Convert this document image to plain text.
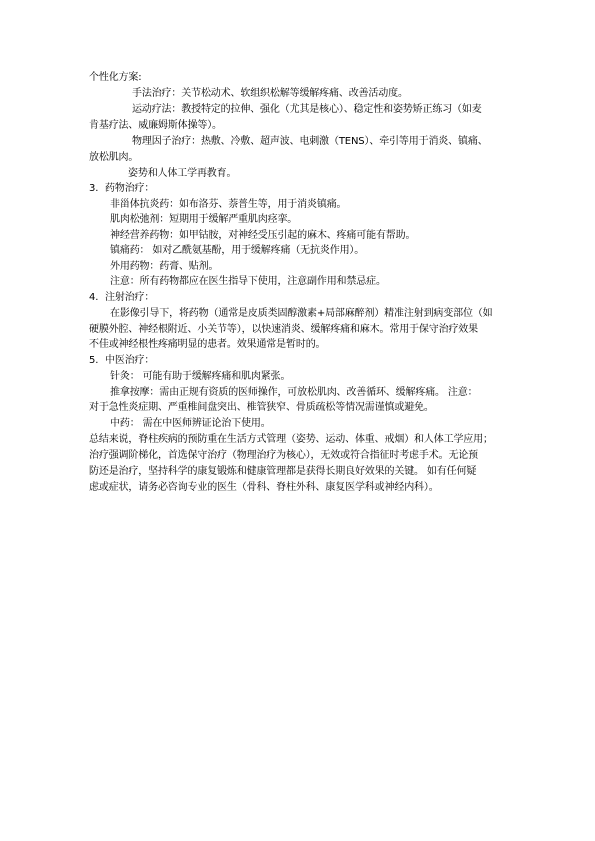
个性化方案:
手法治疗：关节松动术、软组织松解等缓解疼痛、改善活动度。
运动疗法：教授特定的拉伸、强化（尤其是核心）、稳定性和姿势矫正练习（如麦
肯基疗法、威廉姆斯体操等）。
物理因子治疗：热敷、冷敷、超声波、电刺激（TENS）、牵引等用于消炎、镇痛、
放松肌肉。
姿势和人体工学再教育。
3. 药物治疗：
非甾体抗炎药：如布洛芬、萘普生等，用于消炎镇痛。
肌肉松弛剂：短期用于缓解严重肌肉痉挛。
神经营养药物：如甲钴胺，对神经受压引起的麻木、疼痛可能有帮助。
镇痛药： 如对乙酰氨基酚，用于缓解疼痛（无抗炎作用）。
外用药物：药膏、贴剂。
注意：所有药物都应在医生指导下使用，注意副作用和禁忌症。
4. 注射治疗：
在影像引导下，将药物（通常是皮质类固醇激素+局部麻醉剂）精准注射到病变部位（如
硬膜外腔、神经根附近、小关节等），以快速消炎、缓解疼痛和麻木。常用于保守治疗效果
不佳或神经根性疼痛明显的患者。效果通常是暂时的。
5. 中医治疗：
针灸： 可能有助于缓解疼痛和肌肉紧张。
推拿按摩：需由正规有资质的医师操作，可放松肌肉、改善循环、缓解疼痛。 注意：
对于急性炎症期、严重椎间盘突出、椎管狭窄、骨质疏松等情况需谨慎或避免。
中药： 需在中医师辨证论治下使用。
总结来说，脊柱疾病的预防重在生活方式管理（姿势、运动、体重、戒烟）和人体工学应用；
治疗强调阶梯化，首选保守治疗（物理治疗为核心），无效或符合指征时考虑手术。无论预
防还是治疗，坚持科学的康复锻炼和健康管理都是获得长期良好效果的关键。 如有任何疑
虑或症状，请务必咨询专业的医生（骨科、脊柱外科、康复医学科或神经内科）。
